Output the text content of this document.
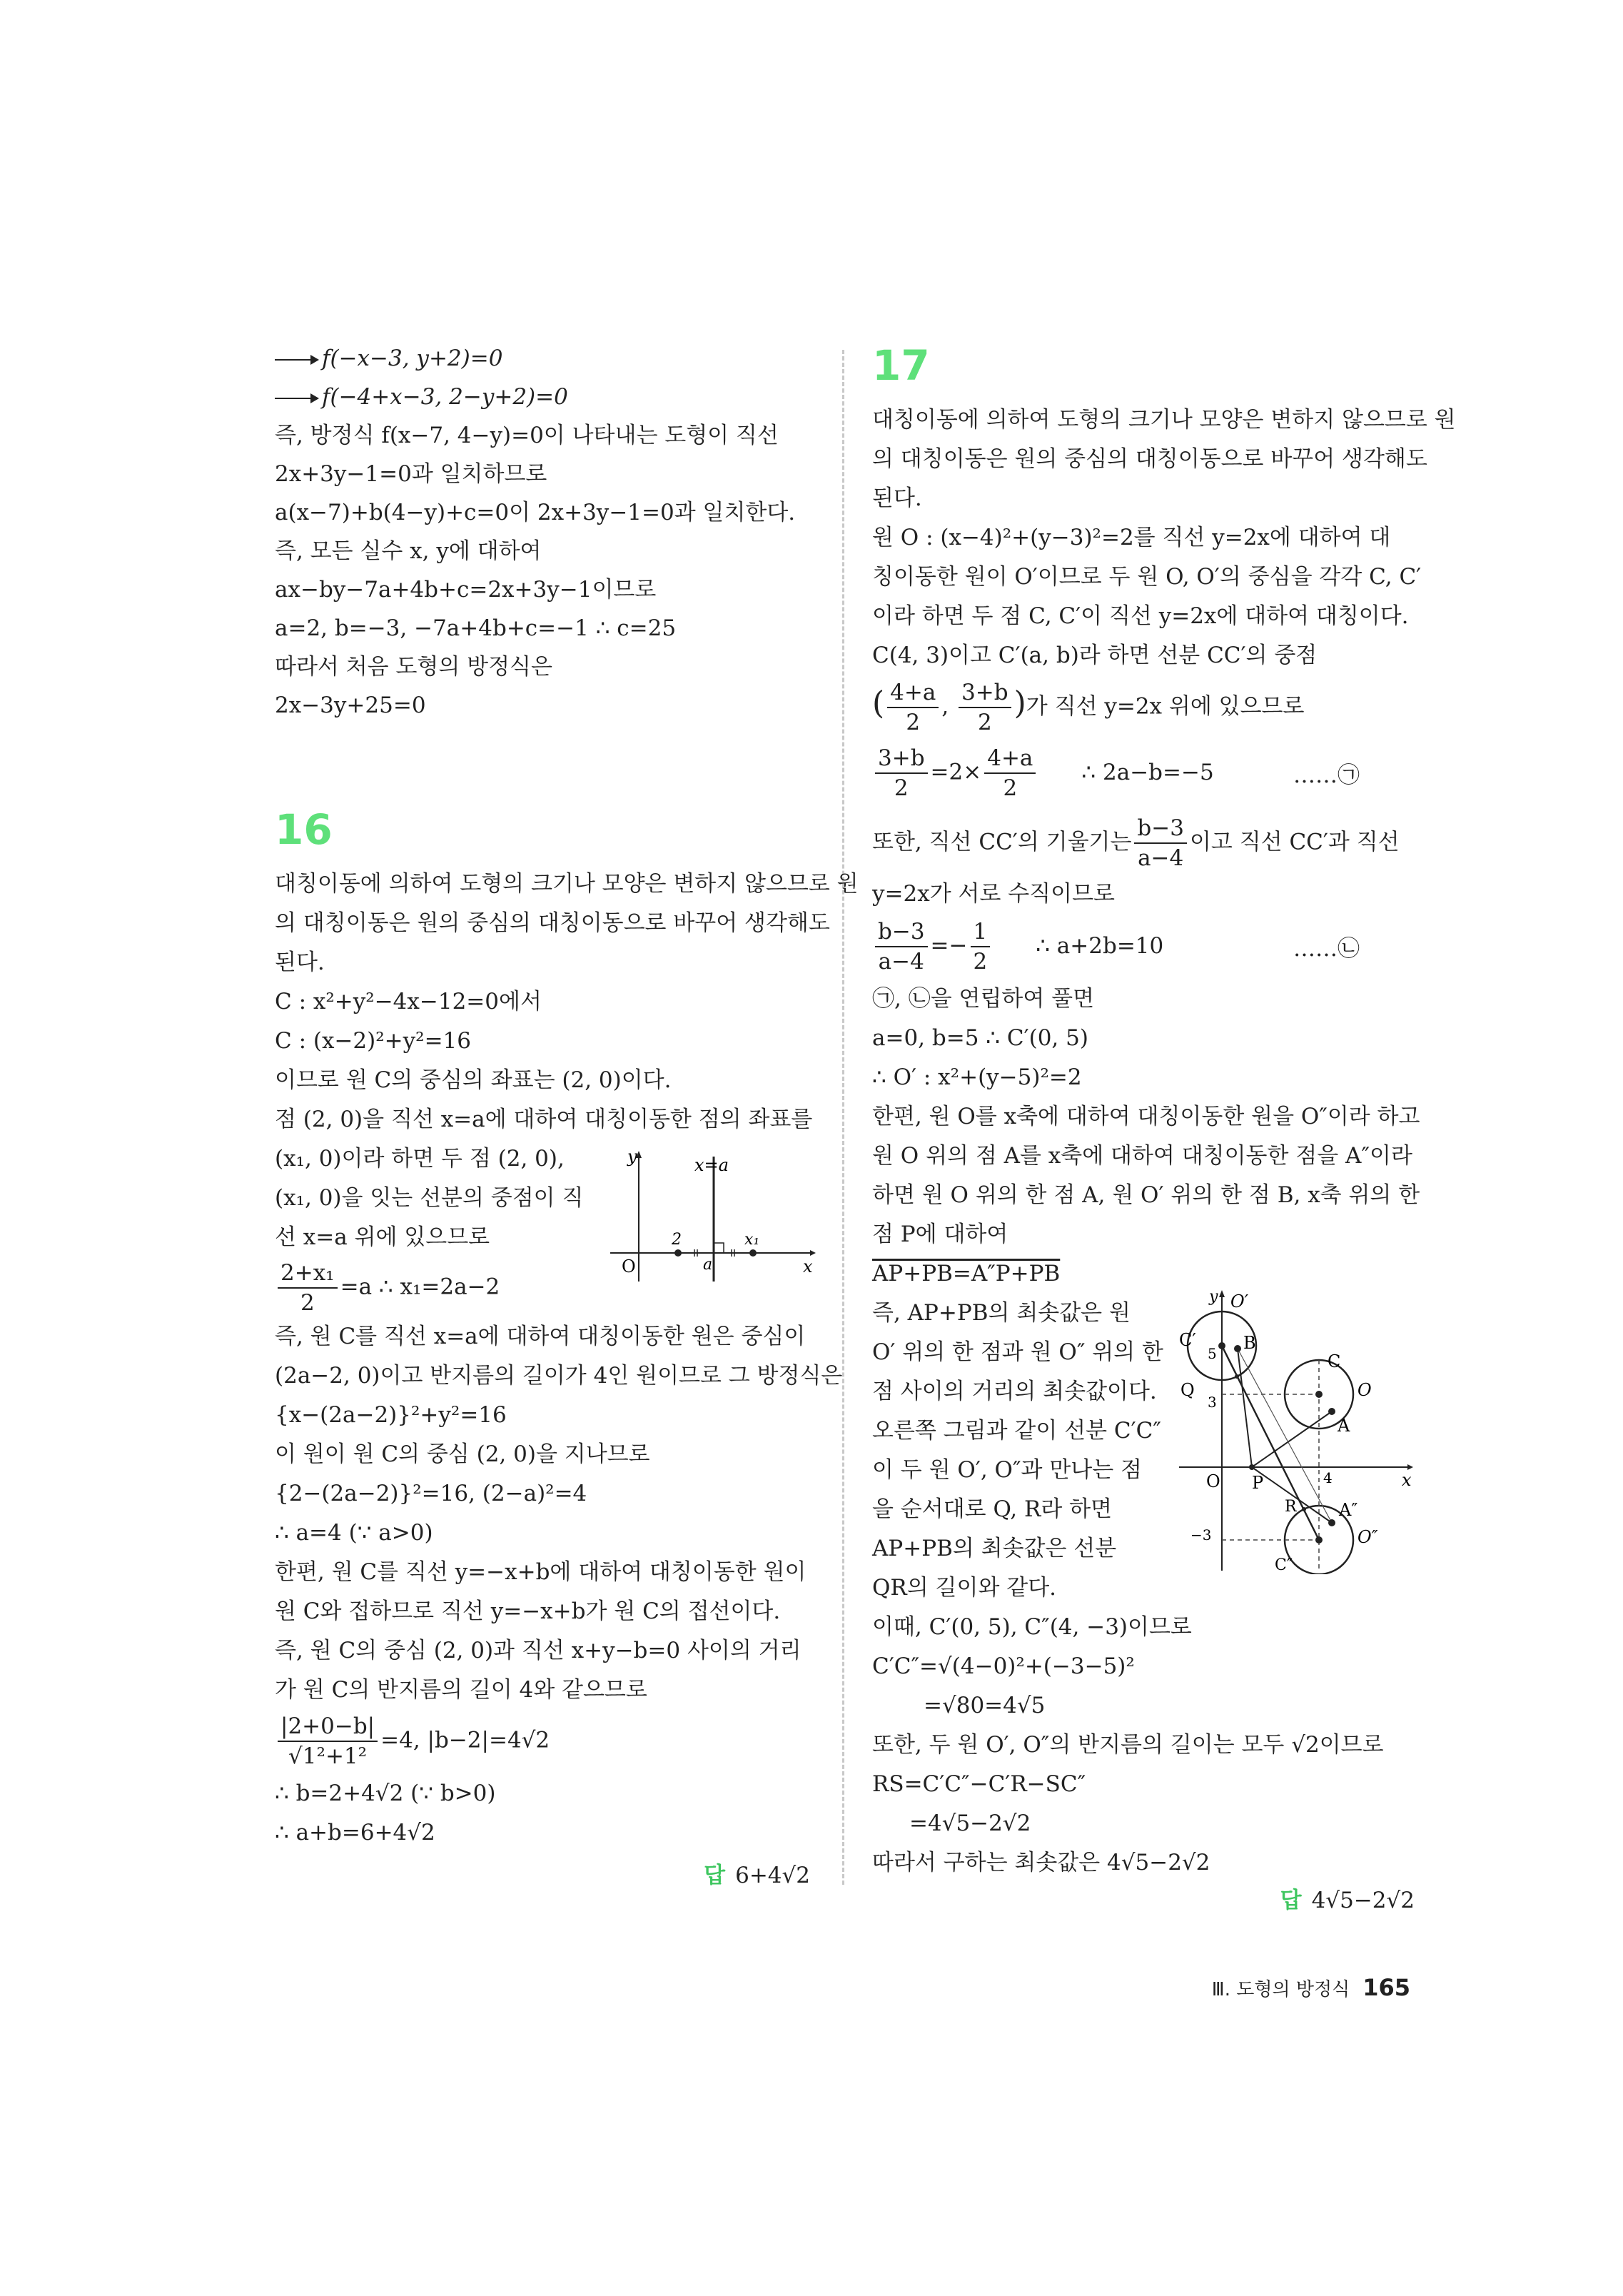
f(−x−3, y+2)=0
f(−4+x−3, 2−y+2)=0
즉, 방정식 f(x−7, 4−y)=0이 나타내는 도형이 직선
2x+3y−1=0과 일치하므로
a(x−7)+b(4−y)+c=0이 2x+3y−1=0과 일치한다.
즉, 모든 실수 x, y에 대하여
ax−by−7a+4b+c=2x+3y−1이므로
a=2, b=−3, −7a+4b+c=−1 ∴ c=25
따라서 처음 도형의 방정식은
2x−3y+25=0
16
대칭이동에 의하여 도형의 크기나 모양은 변하지 않으므로 원
의 대칭이동은 원의 중심의 대칭이동으로 바꾸어 생각해도
된다.
C : x²+y²−4x−12=0에서
C : (x−2)²+y²=16
이므로 원 C의 중심의 좌표는 (2, 0)이다.
점 (2, 0)을 직선 x=a에 대하여 대칭이동한 점의 좌표를
(x₁, 0)이라 하면 두 점 (2, 0),
(x₁, 0)을 잇는 선분의 중점이 직
선 x=a 위에 있으므로
$\frac{\text{2+x₁}}{2} =a$ ∴ x₁=2a−2
y	x=a
2	x₁
O	a	x
즉, 원 C를 직선 x=a에 대하여 대칭이동한 원은 중심이
(2a−2, 0)이고 반지름의 길이가 4인 원이므로 그 방정식은
{x−(2a−2)}²+y²=16
이 원이 원 C의 중심 (2, 0)을 지나므로
{2−(2a−2)}²=16, (2−a)²=4
∴ a=4 (∵ a>0)
한편, 원 C를 직선 y=−x+b에 대하여 대칭이동한 원이
원 C와 접하므로 직선 y=−x+b가 원 C의 접선이다.
즉, 원 C의 중심 (2, 0)과 직선 x+y−b=0 사이의 거리
가 원 C의 반지름의 길이 4와 같으므로
$\frac{|2+0-b|}{\text{√1²+1²}} =4$, |b−2|=4√2
∴ b=2+4√2 (∵ b>0)
∴ a+b=6+4√2
답 6+4√2
17
대칭이동에 의하여 도형의 크기나 모양은 변하지 않으므로 원
의 대칭이동은 원의 중심의 대칭이동으로 바꾸어 생각해도
된다.
원 O : (x−4)²+(y−3)²=2를 직선 y=2x에 대하여 대
칭이동한 원이 O′이므로 두 원 O, O′의 중심을 각각 C, C′
이라 하면 두 점 C, C′이 직선 y=2x에 대하여 대칭이다.
C(4, 3)이고 C′(a, b)라 하면 선분 CC′의 중점
( $\frac{4+a}{2}$ , $\frac{3+b}{2}$ )가 직선 y=2x 위에 있으므로
$\frac{3+b}{2} =2\times \frac{4+a}{2}$ ∴ 2a−b=−5	……㉠
또한, 직선 CC′의 기울기는 $\frac{b-3}{a-4}$ 이고 직선 CC′과 직선
y=2x가 서로 수직이므로
$\frac{b-3}{a-4} =- \frac{1}{2}$ ∴ a+2b=10	……㉡
㉠, ㉡을 연립하여 풀면
a=0, b=5 ∴ C′(0, 5)
∴ O′ : x²+(y−5)²=2
한편, 원 O를 x축에 대하여 대칭이동한 원을 O″이라 하고
원 O 위의 점 A를 x축에 대하여 대칭이동한 점을 A″이라
하면 원 O 위의 한 점 A, 원 O′ 위의 한 점 B, x축 위의 한
점 P에 대하여
AP+PB=A″P+PB
즉, AP+PB의 최솟값은 원
O′ 위의 한 점과 원 O″ 위의 한
점 사이의 거리의 최솟값이다.
오른쪽 그림과 같이 선분 C′C″
이 두 원 O′, O″과 만나는 점
을 순서대로 Q, R라 하면
AP+PB의 최솟값은 선분
QR의 길이와 같다.
이때, C′(0, 5), C″(4, −3)이므로
y O′
C′
5
B
C
O
Q
3
A
O P	4	x
R A″
−3	O″
C″
C′C″=√(4−0)²+(−3−5)²
=√80=4√5
또한, 두 원 O′, O″의 반지름의 길이는 모두 √2이므로
RS=C′C″−C′R−SC″
=4√5−2√2
따라서 구하는 최솟값은 4√5−2√2
답 4√5−2√2
Ⅲ. 도형의 방정식 165
